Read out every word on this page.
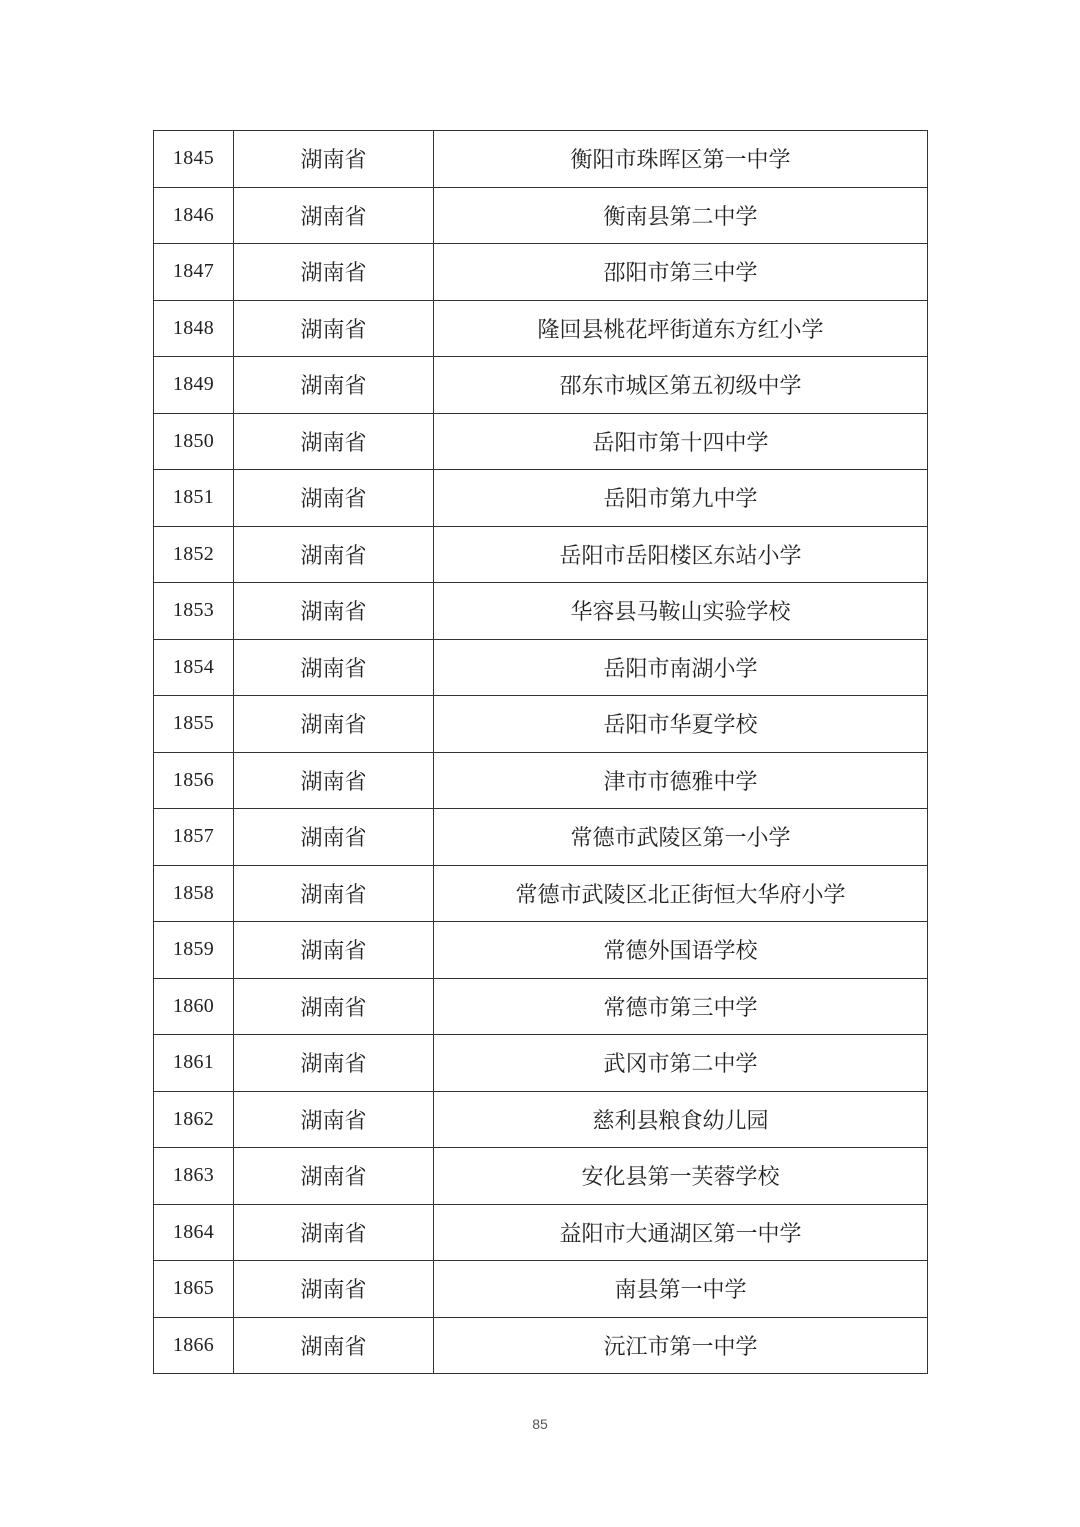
1845	湖南省	衡阳市珠晖区第一中学
1846	湖南省	衡南县第二中学
1847	湖南省	邵阳市第三中学
1848	湖南省	隆回县桃花坪街道东方红小学
1849	湖南省	邵东市城区第五初级中学
1850	湖南省	岳阳市第十四中学
1851	湖南省	岳阳市第九中学
1852	湖南省	岳阳市岳阳楼区东站小学
1853	湖南省	华容县马鞍山实验学校
1854	湖南省	岳阳市南湖小学
1855	湖南省	岳阳市华夏学校
1856	湖南省	津市市德雅中学
1857	湖南省	常德市武陵区第一小学
1858	湖南省	常德市武陵区北正街恒大华府小学
1859	湖南省	常德外国语学校
1860	湖南省	常德市第三中学
1861	湖南省	武冈市第二中学
1862	湖南省	慈利县粮食幼儿园
1863	湖南省	安化县第一芙蓉学校
1864	湖南省	益阳市大通湖区第一中学
1865	湖南省	南县第一中学
1866	湖南省	沅江市第一中学
85
